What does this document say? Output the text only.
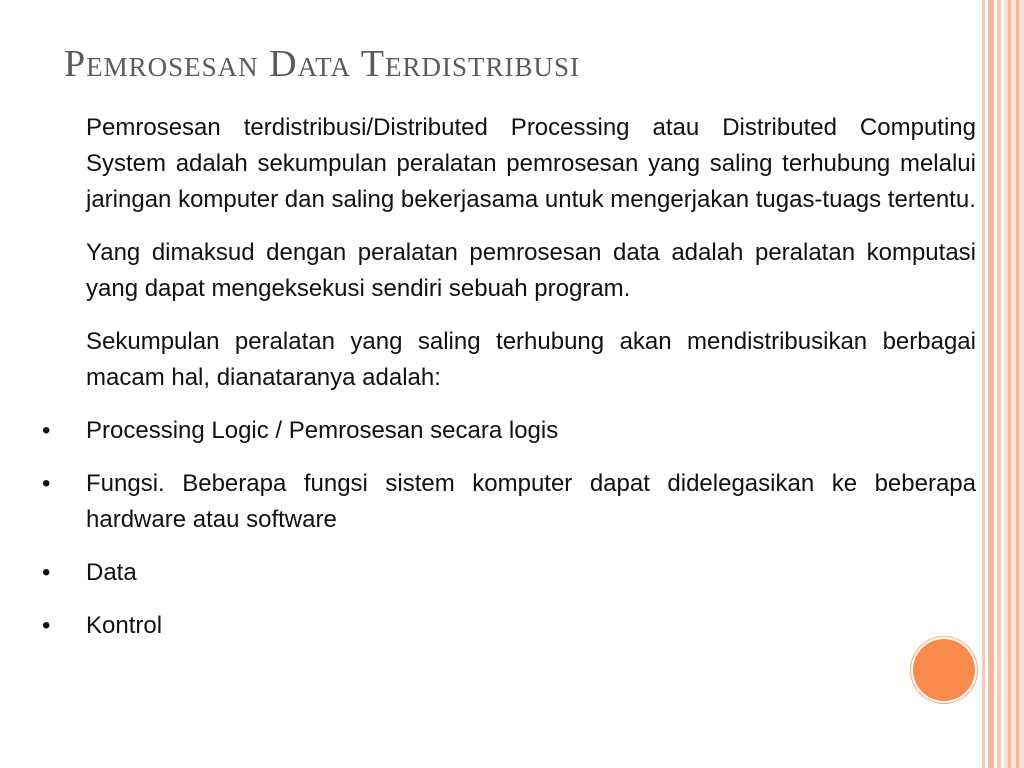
Pemrosesan Data Terdistribusi

Pemrosesan terdistribusi/Distributed Processing atau Distributed Computing System adalah sekumpulan peralatan pemrosesan yang saling terhubung melalui jaringan komputer dan saling bekerjasama untuk mengerjakan tugas-tuags tertentu.

Yang dimaksud dengan peralatan pemrosesan data adalah peralatan komputasi yang dapat mengeksekusi sendiri sebuah program.

Sekumpulan peralatan yang saling terhubung akan mendistribusikan berbagai macam hal, dianataranya adalah:

• Processing Logic / Pemrosesan secara logis
• Fungsi. Beberapa fungsi sistem komputer dapat didelegasikan ke beberapa hardware atau software
• Data
• Kontrol
